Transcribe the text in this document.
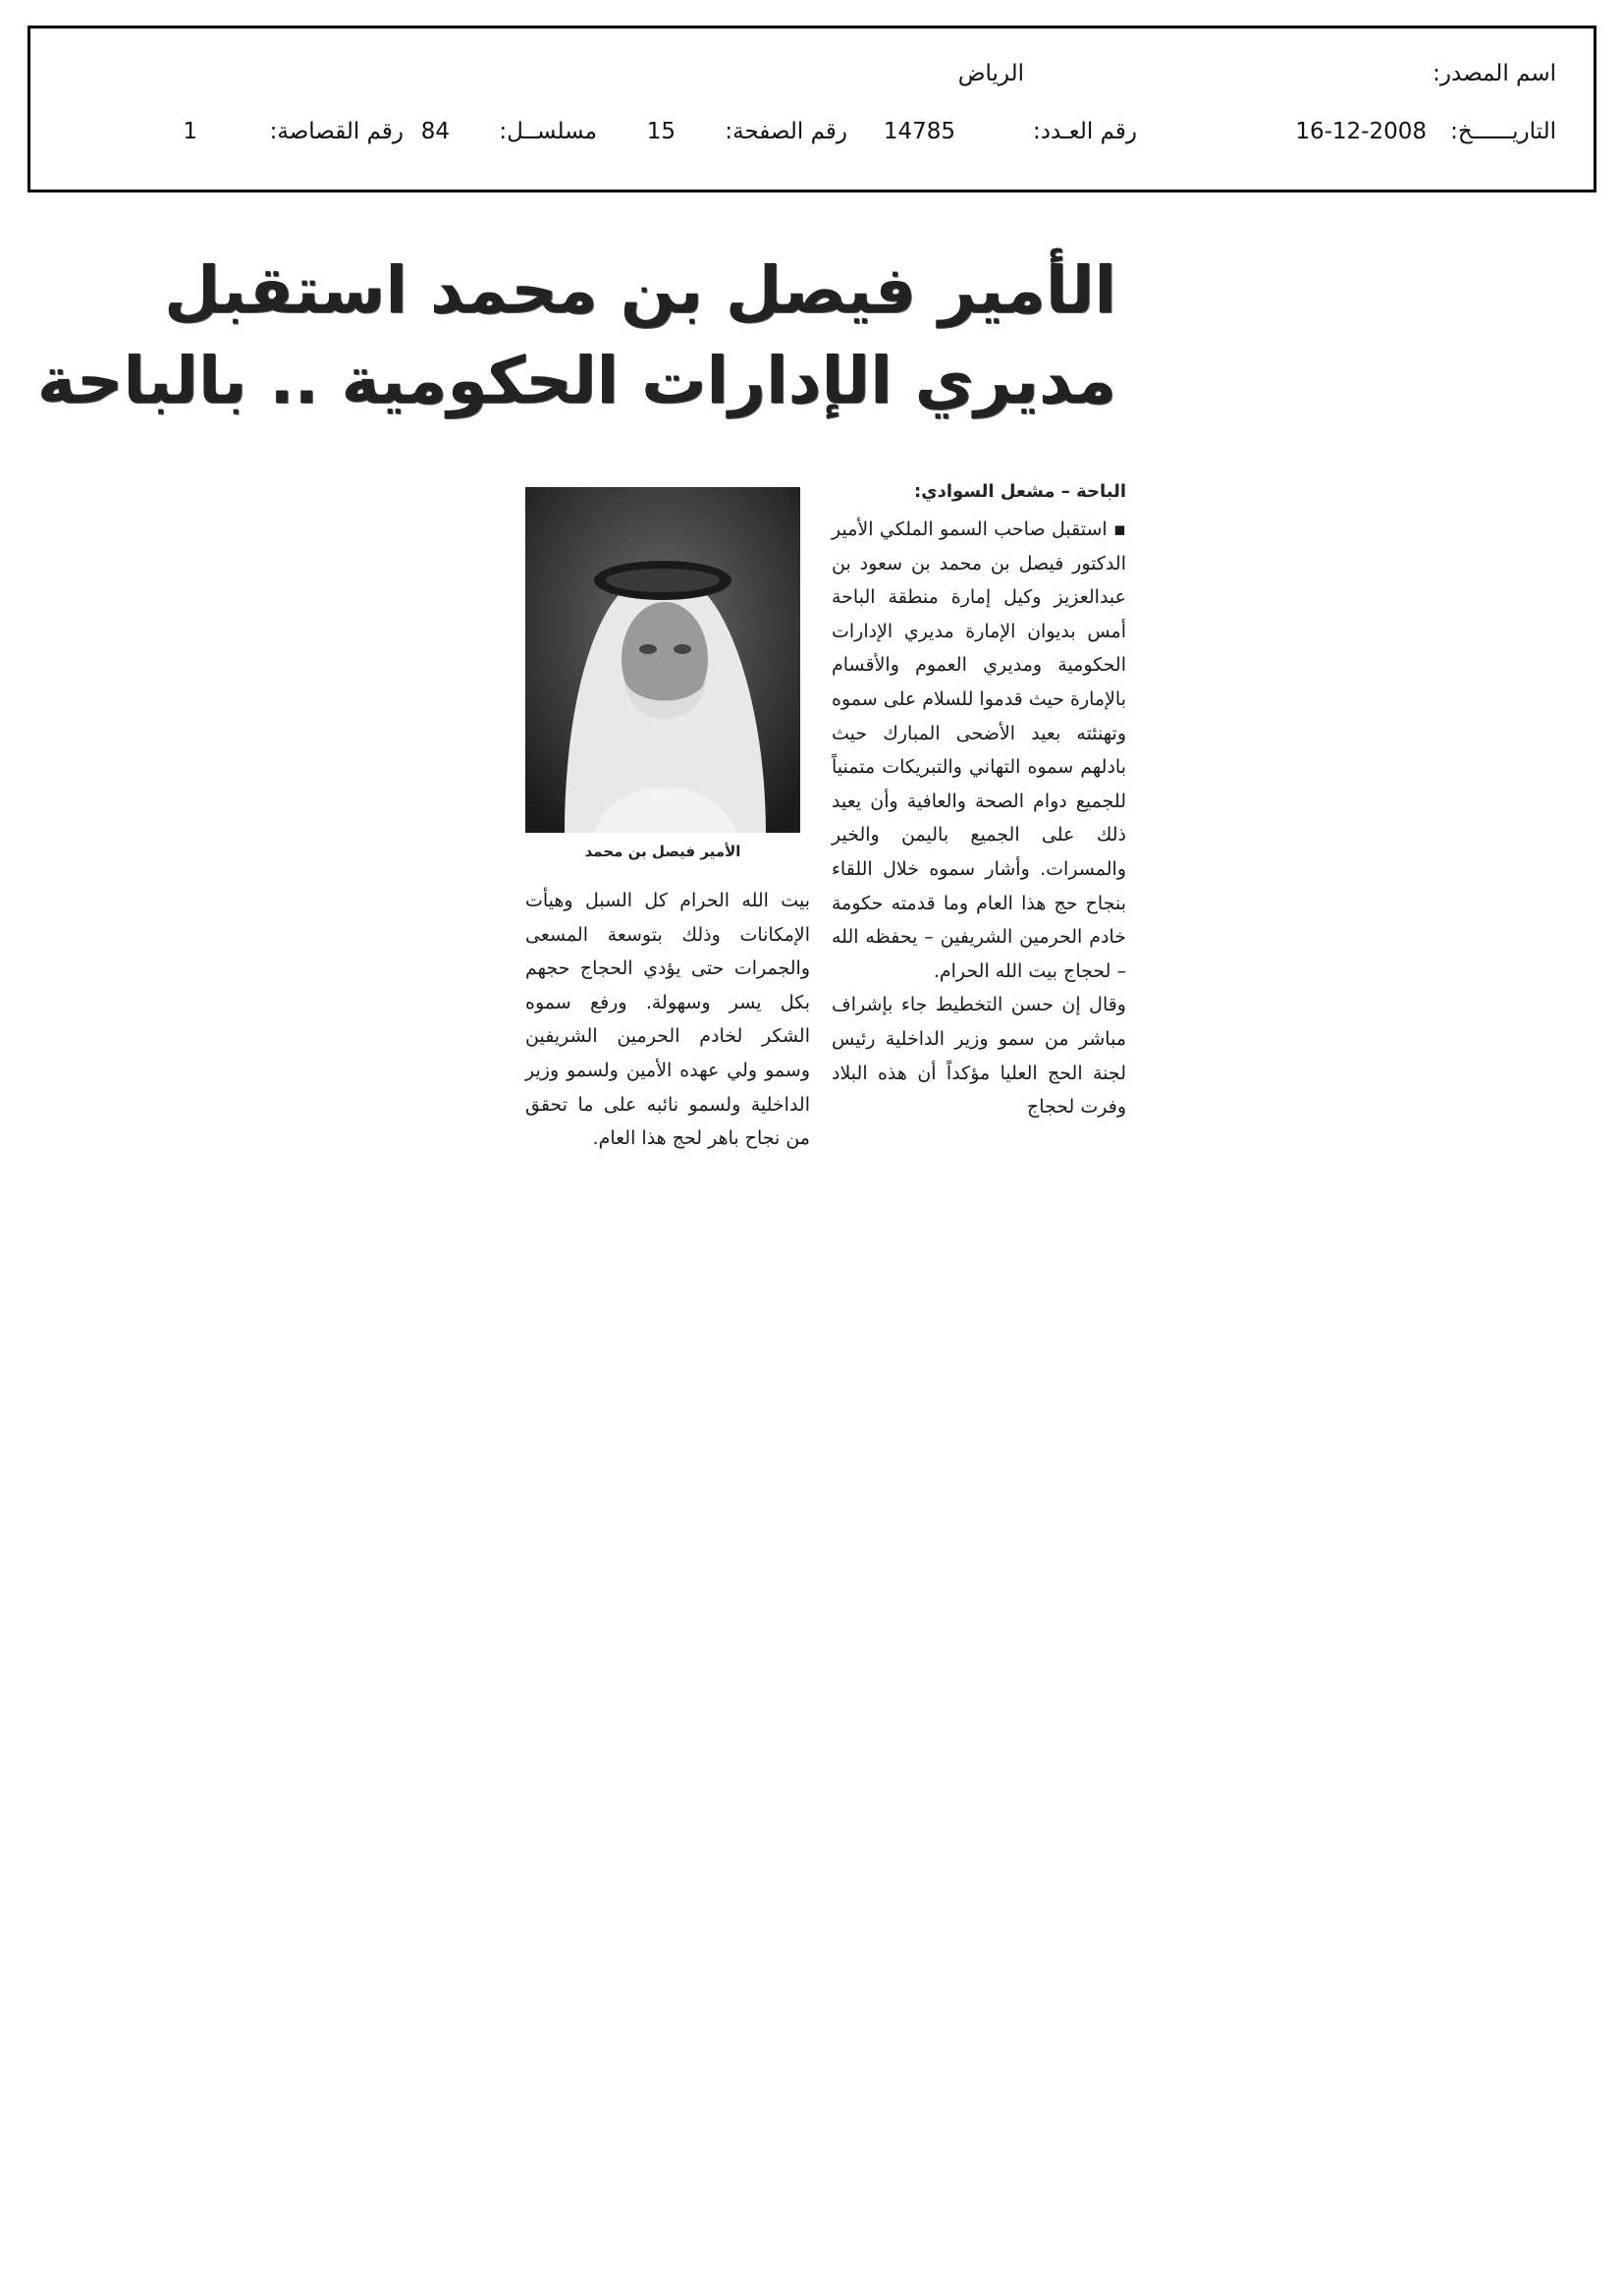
اسم المصدر:
الرياض
التاريــــــخ:
16-12-2008
رقم العـدد:
14785
رقم الصفحة:
15
مسلســل:
84
رقم القصاصة:
1
الأمير فيصل بن محمد استقبل
مديري الإدارات الحكومية .. بالباحة
الباحة – مشعل السوادي:

▪ استقبل صاحب السمو الملكي الأمير الدكتور فيصل بن محمد بن سعود بن عبدالعزيز وكيل إمارة منطقة الباحة أمس بديوان الإمارة مديري الإدارات الحكومية ومديري العموم والأقسام بالإمارة حيث قدموا للسلام على سموه وتهنئته بعيد الأضحى المبارك حيث بادلهم سموه التهاني والتبريكات متمنياً للجميع دوام الصحة والعافية وأن يعيد ذلك على الجميع باليمن والخير والمسرات. وأشار سموه خلال اللقاء بنجاح حج هذا العام وما قدمته حكومة خادم الحرمين الشريفين – يحفظه الله – لحجاج بيت الله الحرام.

وقال إن حسن التخطيط جاء بإشراف مباشر من سمو وزير الداخلية رئيس لجنة الحج العليا مؤكداً أن هذه البلاد وفرت لحجاج

الأمير فيصل بن محمد

بيت الله الحرام كل السبل وهيأت الإمكانات وذلك بتوسعة المسعى والجمرات حتى يؤدي الحجاج حجهم بكل يسر وسهولة. ورفع سموه الشكر لخادم الحرمين الشريفين وسمو ولي عهده الأمين ولسمو وزير الداخلية ولسمو نائبه على ما تحقق من نجاح باهر لحج هذا العام.
